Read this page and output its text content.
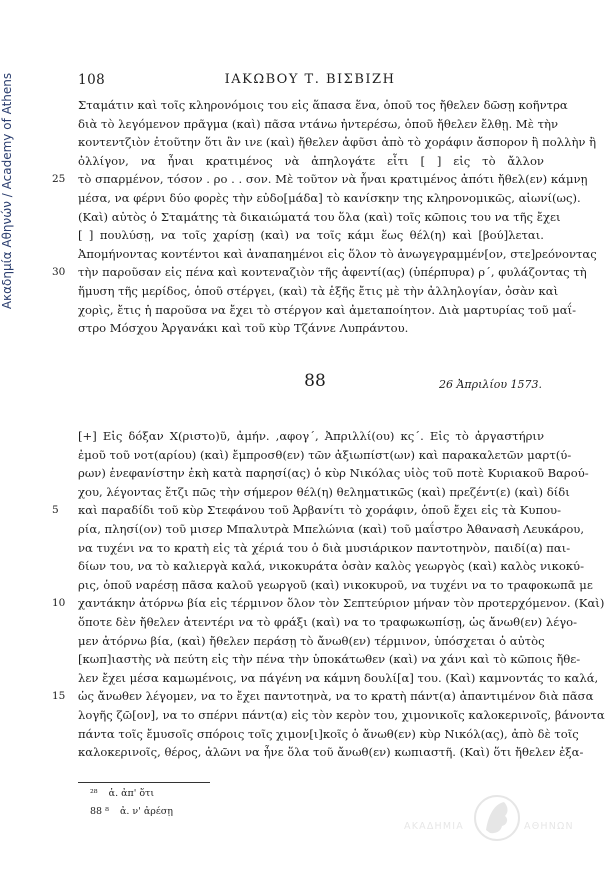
Ακαδημία Αθηνών / Academy of Athens	108	ΙΑΚΩΒΟΥ Τ. ΒΙΣΒΙΖΗ
Σταμάτιν καὶ τοῖς κληρονόμοις του εἰς ἅπασα ἕνα, ὁποῦ τος ἤθελεν δῶσῃ κοῆντρα
διὰ τὸ λεγόμενον πρᾶγμα (καὶ) πᾶσα ντάνω ἠντερέσω, ὁποῦ ἤθελεν ἔλθῃ. Μὲ τὴν
κοντεντζιὸν ἐτοῦτην ὅτι ἂν ινε (καὶ) ἤθελεν ἀφῦσι ἀπὸ τὸ χοράφιν ἄσπορον ἢ πολλὴν ἢ
ὀλλίγον, να ἦναι κρατιμένος νὰ ἀπηλογάτε εἶτι [ ] εἰς τὸ ἄλλον
25	τὸ σπαρμένον, τόσον . ρο . . σον. Μὲ τοῦτον νὰ ἦναι κρατιμένος ἀπότι ἤθελ(εν) κάμνῃ
μέσα, να φέρνι δύο φορὲς τὴν εὐδο[μάδα] τὸ κανίσκην της κληρονομικῶς, αἰωνί(ως).
(Καὶ) αὐτὸς ὁ Σταμάτης τὰ δικαιώματά του ὅλα (καὶ) τοῖς κῶποις του να τῆς ἔχει
[ ] πουλύσῃ, να τοῖς χαρίσῃ (καὶ) να τοῖς κάμι ἕως θέλ(η) καὶ [βού]λεται.
Ἀπομήνοντας κοντέντοι καὶ ἀναπαημένοι εἰς ὅλον τὸ ἀνωγεγραμμέν[ον, στε]ρεόνοντας
30	τὴν παροῦσαν εἰς πένα καὶ κοντεναζιὸν τῆς ἀφεντί(ας) (ὑπέρπυρα) ρ´, φυλάζοντας τὴ
ἥμυση τῆς μερίδος, ὁποῦ στέργει, (καὶ) τὰ ἑξῆς ἔτις μὲ τὴν ἀλληλογίαν, ὀσὰν καὶ
χορὶς, ἔτις ἡ παροῦσα να ἔχει τὸ στέργον καὶ ἀμεταποίητον. Διὰ μαρτυρίας τοῦ μαΐ-
στρο Μόσχου Ἀργανάκι καὶ τοῦ κὺρ Τζάννε Λυπράντου.
88	26 Ἀπριλίου 1573.
[+] Εἰς δόξαν Χ(ριστο)ῦ, ἀμήν. ,αφογ´, Ἀπριλλί(ου) κς´. Εἰς τὸ ἀργαστήριν
ἐμοῦ τοῦ νοτ(αρίου) (καὶ) ἔμπροσθ(εν) τῶν ἀξιωπίστ(ων) καὶ παρακαλετῶν μαρτ(ύ-
ρων) ἐνεφανίστην ἐκὴ κατὰ παρησί(ας) ὁ κὺρ Νικόλας υἱὸς τοῦ ποτὲ Κυριακοῦ Βαρού-
χου, λέγοντας ἔτζι πῶς τὴν σήμερον θέλ(η) θεληματικῶς (καὶ) πρεζέντ(ε) (καὶ) δίδι
5	καὶ παραδίδι τοῦ κὺρ Στεφάνου τοῦ Ἀρβανίτι τὸ χοράφιν, ὁποῦ ἔχει εἰς τὰ Κυπου-
ρία, πλησί(ον) τοῦ μισερ Μπαλυτρὰ Μπελώνια (καὶ) τοῦ μαΐστρο Ἀθανασὴ Λευκάρου,
να τυχένι να το κρατὴ εἰς τὰ χέριά του ὁ διὰ μυσιάρικον παντοτηνὸν, παιδί(α) παι-
δίων του, να τὸ καλιεργὰ καλά, νικοκυράτα ὀσὰν καλὸς γεωργὸς (καὶ) καλὸς νικοκύ-
ρις, ὁποῦ ναρέσῃ πᾶσα καλοῦ γεωργοῦ (καὶ) νικοκυροῦ, να τυχένι να το τραφοκωπᾶ με
10	χαντάκην ἀτόρνω βία εἰς τέρμινον ὅλον τὸν Σεπτεύριον μήναν τὸν προτερχόμενον. (Καὶ)
ὅποτε δὲν ἤθελεν ἀτεντέρι να τὸ φράξι (καὶ) να το τραφωκωπίσῃ, ὡς ἄνωθ(εν) λέγο-
μεν ἀτόρνω βία, (καὶ) ἤθελεν περάσῃ τὸ ἄνωθ(εν) τέρμινον, ὑπόσχεται ὁ αὐτὸς
[κωπ]ιαστὴς νὰ πεύτη εἰς τὴν πένα τὴν ὑποκάτωθεν (καὶ) να χάνι καὶ τὸ κῶποις ἤθε-
λεν ἔχει μέσα καμωμένοις, να πάγένη να κάμνη δουλί[α] του. (Καὶ) καμνοντάς το καλά,
15	ὡς ἄνωθεν λέγομεν, να το ἔχει παντοτηνὰ, να το κρατὴ πάντ(α) ἀπαντιμένον διὰ πᾶσα
λογῆς ζῶ[ον], να το σπέρνι πάντ(α) εἰς τὸν κερὸν του, χιμονικοῖς καλοκερινοῖς, βάνοντα
πάντα τοῖς ἔμυσοῖς σπόροις τοῖς χιμον[ι]κοῖς ὁ ἄνωθ(εν) κὺρ Νικόλ(ας), ἀπὸ δὲ τοῖς
καλοκερινοῖς, θέρος, ἀλῶνι να ἦνε ὅλα τοῦ ἄνωθ(εν) κωπιαστῆ. (Καὶ) ὅτι ἤθελεν ἐξα-
²⁸ ἀ. ἀπ' ὅτι
88 ⁸ ἀ. ν' ἀρέσῃ
ΑΚΑΔΗΜΙΑ	ΑΘΗΝΩΝ
